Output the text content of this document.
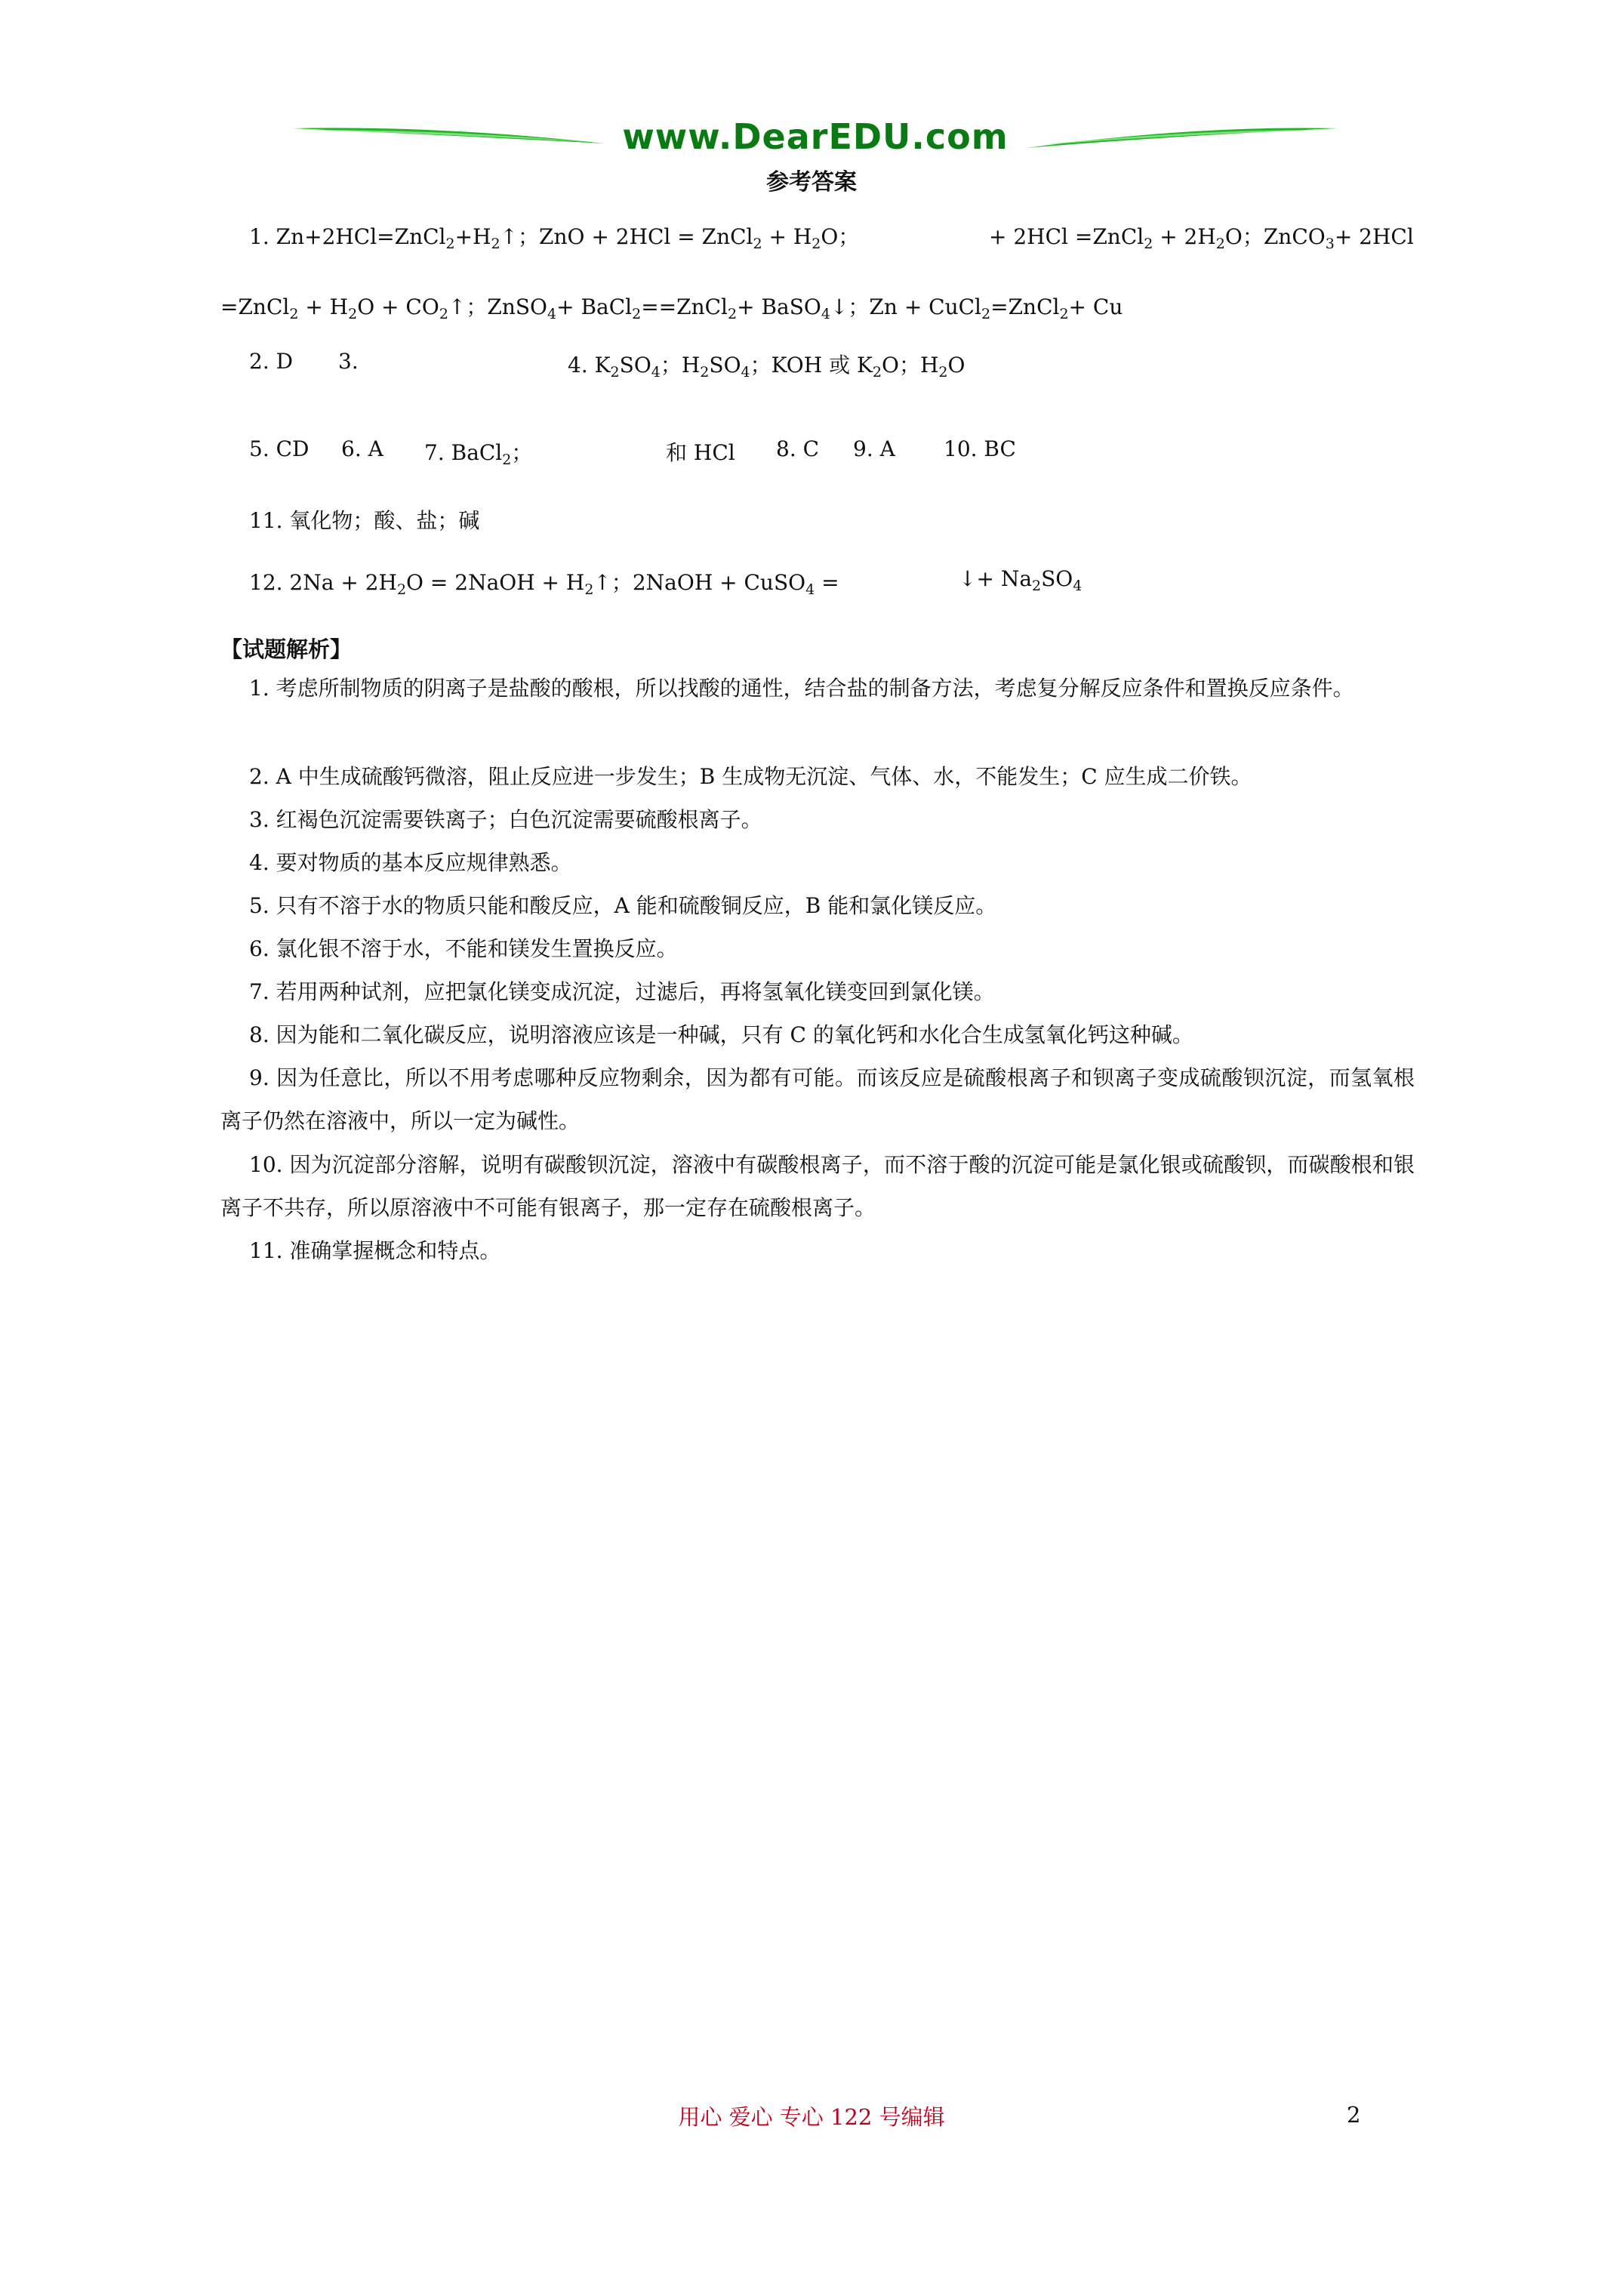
www.DearEDU.com
参考答案
1. $Zn+2HCl=ZnCl_2+H_2↑$；ZnO + 2HCl = ZnCl$_2$ + $H_2O$；	+ 2HCl =ZnCl$_2$ + $2H_2O$；ZnCO$_3$+ 2HCl
=ZnCl$_2$ + $H_2O$ + $CO_2↑$；ZnSO$_4$+ BaCl$_2$==ZnCl$_2$+ BaSO$_4$↓；Zn + CuCl$_2$=ZnCl$_2$+ Cu
2. D 3.	4. $K_2SO_4$；$H_2SO_4$；KOH 或 $K_2O$；$H_2O$
5. CD 6. A 7. BaCl$_2$；	和 HCl 8. C 9. A 10. BC
11. 氧化物；酸、盐；碱
12. $2Na + 2H_2O$ = 2NaOH + $H_2↑$；2NaOH + CuSO$_4$ =	↓+ $Na_2SO_4$
【试题解析】
1. 考虑所制物质的阴离子是盐酸的酸根，所以找酸的通性，结合盐的制备方法，考虑复分解反应条件和置换反应条件。
2. A 中生成硫酸钙微溶，阻止反应进一步发生；B 生成物无沉淀、气体、水，不能发生；C 应生成二价铁。
3. 红褐色沉淀需要铁离子；白色沉淀需要硫酸根离子。
4. 要对物质的基本反应规律熟悉。
5. 只有不溶于水的物质只能和酸反应，A 能和硫酸铜反应，B 能和氯化镁反应。
6. 氯化银不溶于水，不能和镁发生置换反应。
7. 若用两种试剂，应把氯化镁变成沉淀，过滤后，再将氢氧化镁变回到氯化镁。
8. 因为能和二氧化碳反应，说明溶液应该是一种碱，只有 C 的氧化钙和水化合生成氢氧化钙这种碱。
9. 因为任意比，所以不用考虑哪种反应物剩余，因为都有可能。而该反应是硫酸根离子和钡离子变成硫酸钡沉淀，而氢氧根离子仍然在溶液中，所以一定为碱性。
10. 因为沉淀部分溶解，说明有碳酸钡沉淀，溶液中有碳酸根离子，而不溶于酸的沉淀可能是氯化银或硫酸钡，而碳酸根和银离子不共存，所以原溶液中不可能有银离子，那一定存在硫酸根离子。
11. 准确掌握概念和特点。
用心 爱心 专心 122 号编辑	2
